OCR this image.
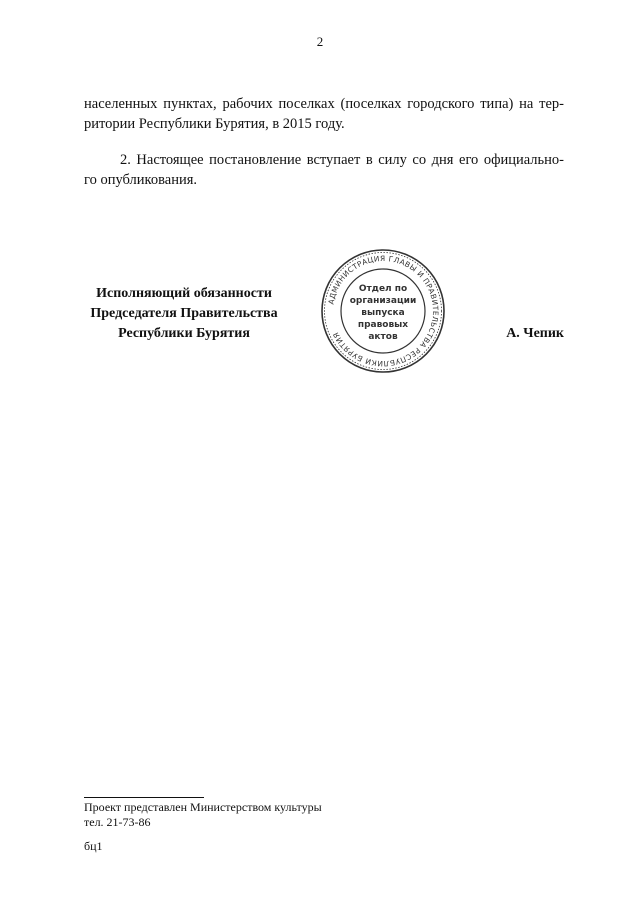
2
населенных пунктах, рабочих поселках (поселках городского типа) на тер-
ритории Республики Бурятия, в 2015 году.
2. Настоящее постановление вступает в силу со дня его официально-
го опубликования.
Исполняющий обязанности
Председателя Правительства
Республики Бурятия
АДМИНИСТРАЦИЯ ГЛАВЫ И ПРАВИТЕЛЬСТВА РЕСПУБЛИКИ БУРЯТИЯ
Отдел по
организации
выпуска
правовых
актов	А. Чепик
Проект представлен Министерством культуры
тел. 21-73-86
бц1
